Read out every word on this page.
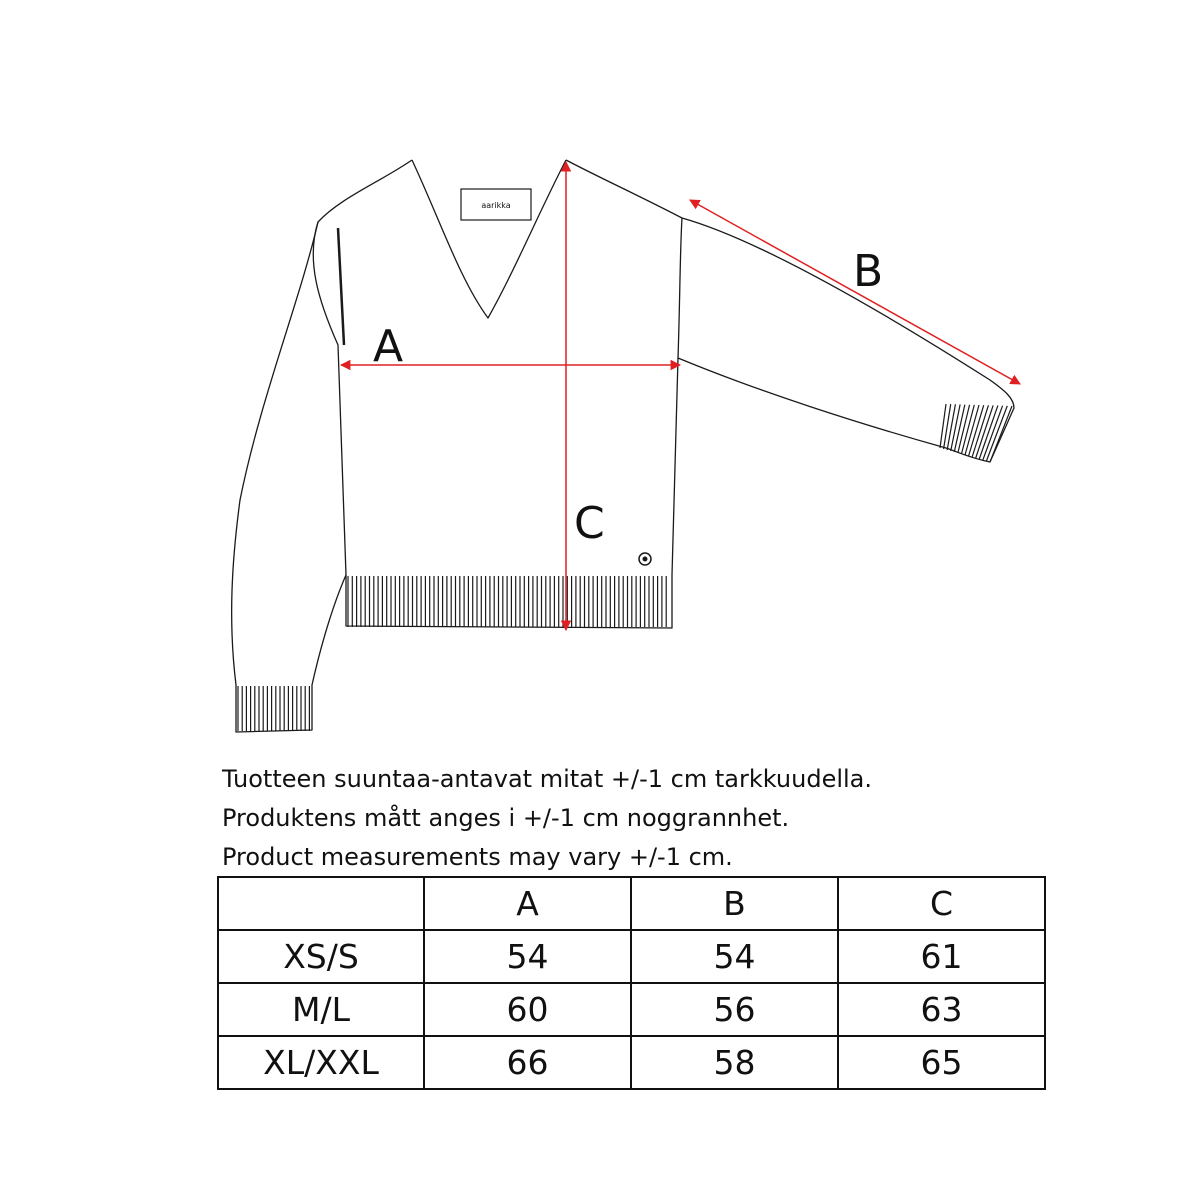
aarikka
A
B
C
Tuotteen suuntaa-antavat mitat +/-1 cm tarkkuudella.
Produktens mått anges i +/-1 cm noggrannhet.
Product measurements may vary +/-1 cm.
	A	B	C
XS/S	54	54	61
M/L	60	56	63
XL/XXL	66	58	65
